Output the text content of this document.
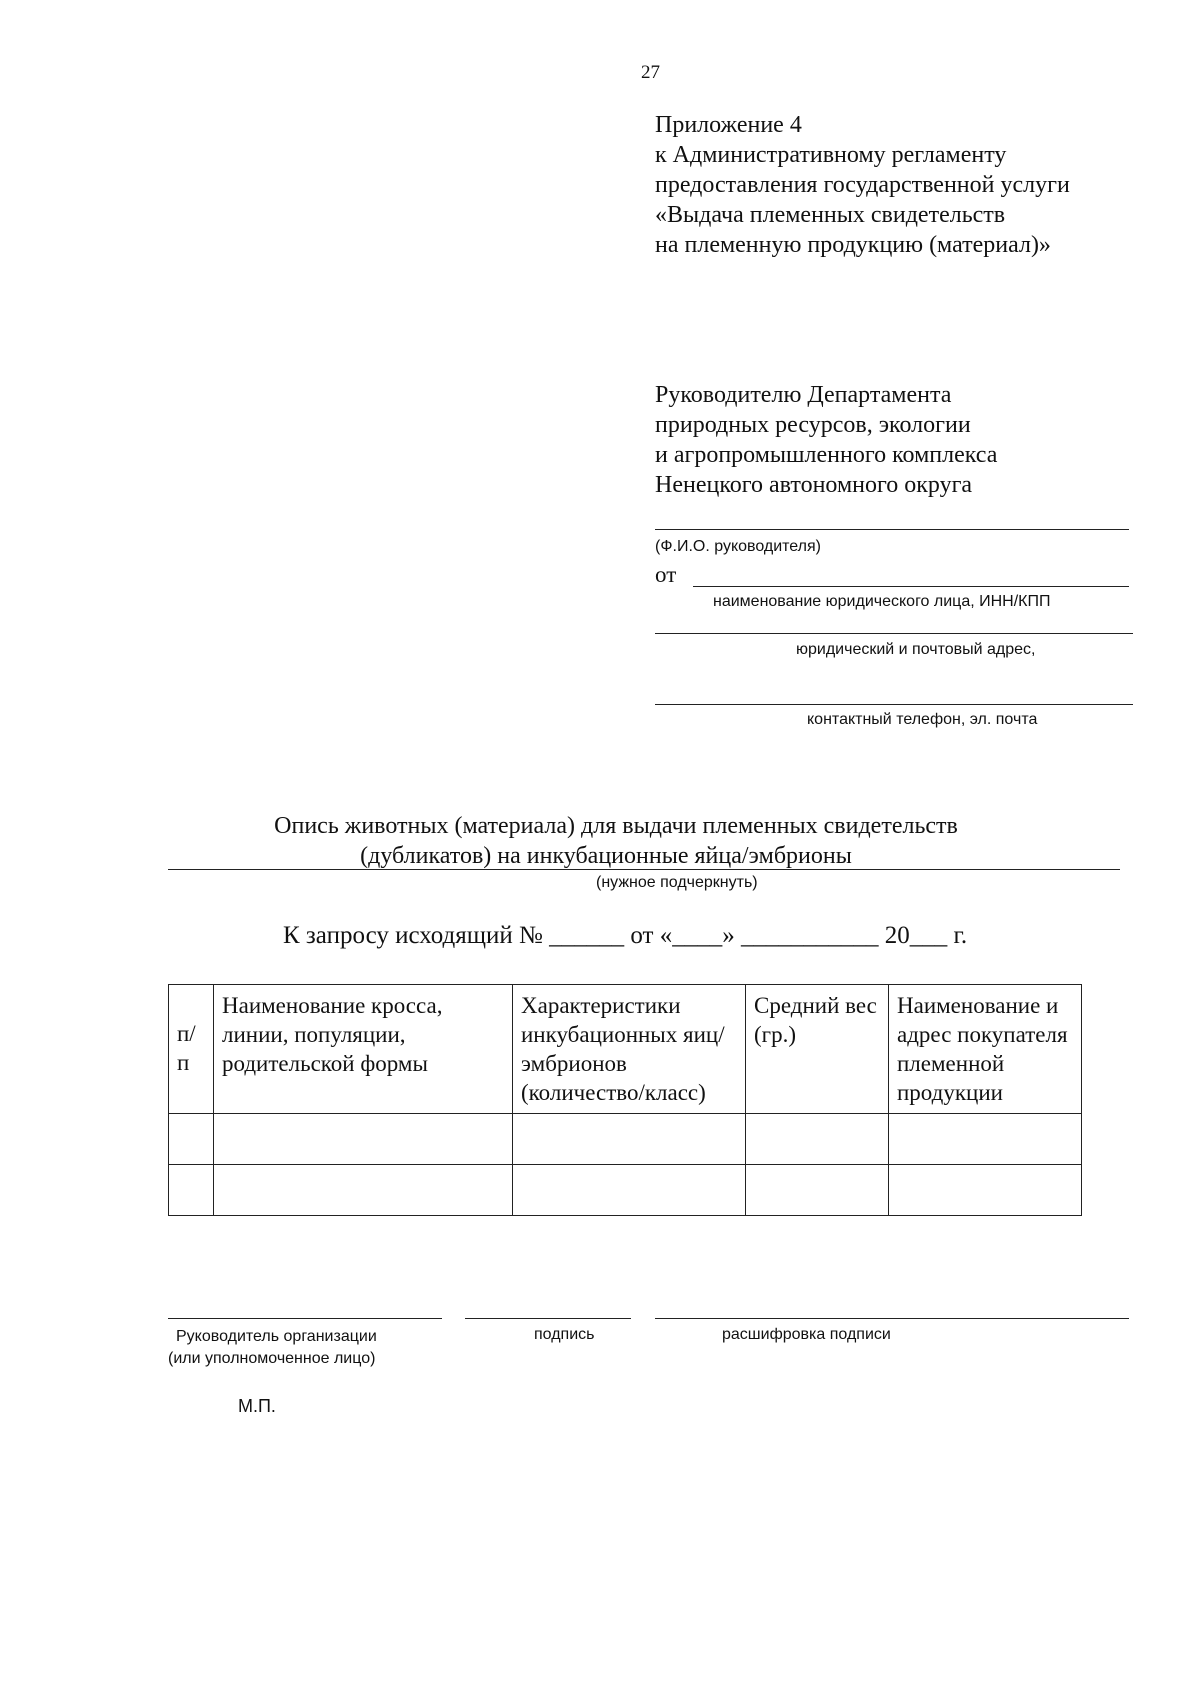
27
Приложение 4
к Административному регламенту
предоставления государственной услуги
«Выдача племенных свидетельств
на племенную продукцию (материал)»
Руководителю Департамента
природных ресурсов, экологии
и агропромышленного комплекса
Ненецкого автономного округа
(Ф.И.О. руководителя)
от
наименование юридического лица, ИНН/КПП
юридический и почтовый адрес,
контактный телефон, эл. почта
Опись животных (материала) для выдачи племенных свидетельств
(дубликатов) на инкубационные яйца/эмбрионы
(нужное подчеркнуть)
К запросу исходящий № ______ от «____» ___________ 20___ г.
п/
п	Наименование кросса, линии, популяции, родительской формы	Характеристики инкубационных яиц/эмбрионов (количество/класс)	Средний вес (гр.)	Наименование и адрес покупателя племенной продукции

Руководитель организации
(или уполномоченное лицо)
подпись	расшифровка подписи
М.П.
